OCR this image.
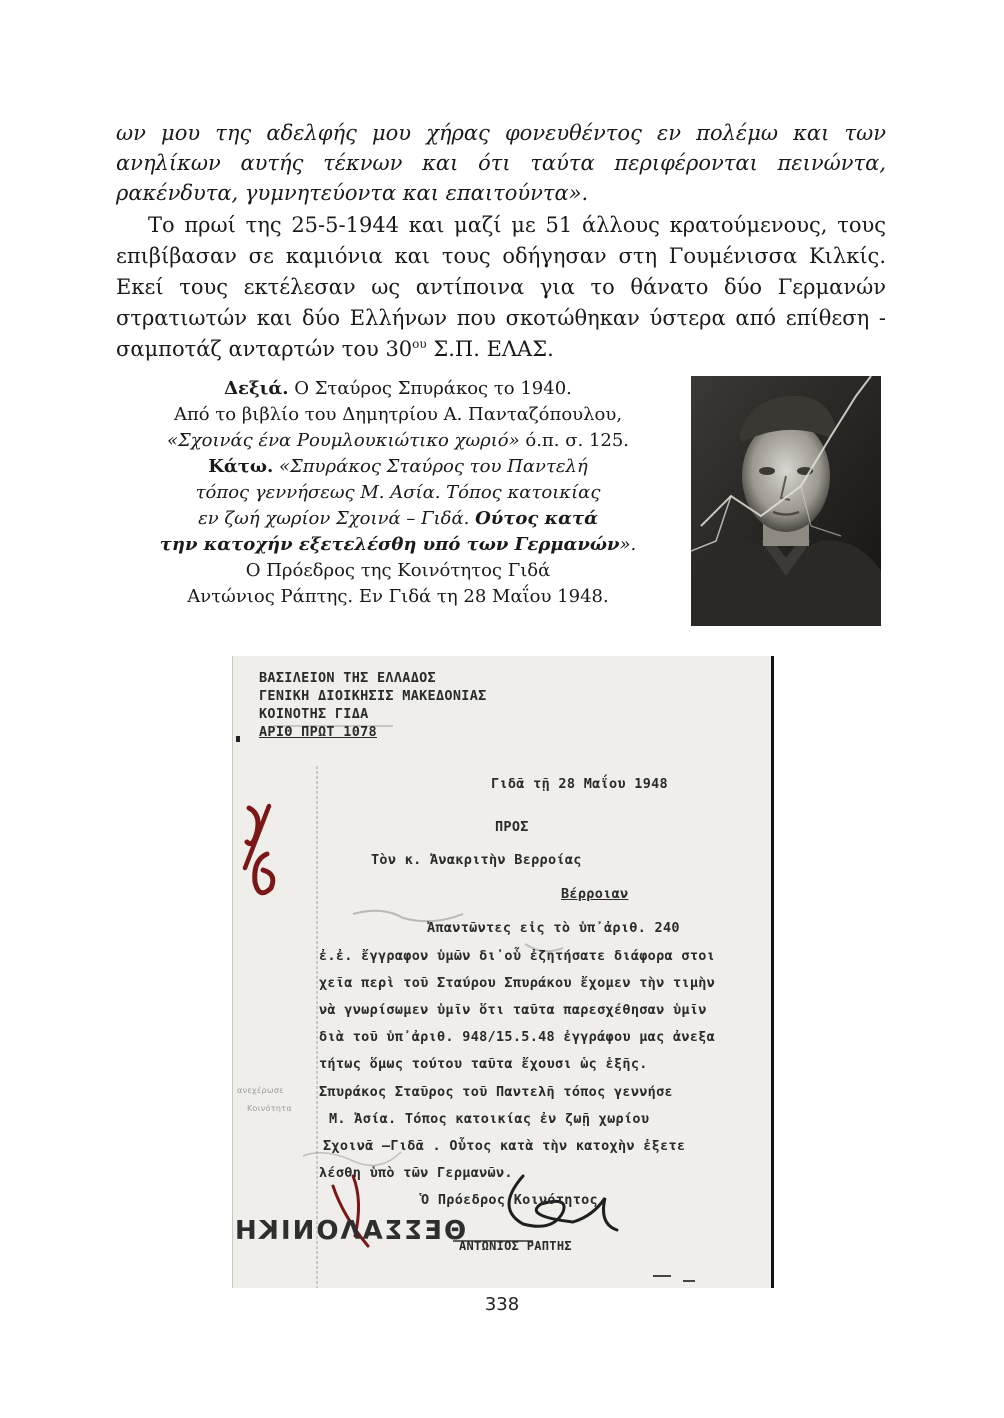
ων μου της αδελφής μου χήρας φονευθέντος εν πολέμω και των ανηλίκων αυτής τέκνων και ότι ταύτα περιφέρονται πεινώντα, ρακένδυτα, γυμνητεύοντα και επαιτούντα».

Το πρωί της 25-5-1944 και μαζί με 51 άλλους κρατούμενους, τους επιβίβασαν σε καμιόνια και τους οδήγησαν στη Γουμένισσα Κιλκίς. Εκεί τους εκτέλεσαν ως αντίποινα για το θάνατο δύο Γερμανών στρατιωτών και δύο Ελλήνων που σκοτώθηκαν ύστερα από επίθεση - σαμποτάζ ανταρτών του $30^{o\upsilon}$ Σ.Π. ΕΛΑΣ.

Δεξιά. Ο Σταύρος Σπυράκος το 1940.
Από το βιβλίο του Δημητρίου Α. Πανταζόπουλου,
«Σχοινάς ένα Ρουμλουκιώτικο χωριό» ό.π. σ. 125.
Κάτω. «Σπυράκος Σταύρος του Παντελή
τόπος γεννήσεως Μ. Ασία. Τόπος κατοικίας
εν ζωή χωρίον Σχοινά – Γιδά. Ούτος κατά
την κατοχήν εξετελέσθη υπό των Γερμανών».
Ο Πρόεδρος της Κοινότητος Γιδά
Αντώνιος Ράπτης. Εν Γιδά τη 28 Μαΐου 1948.
ΒΑΣΙΛΕΙΟΝ ΤΗΣ ΕΛΛΑΔΟΣ
ΓΕΝΙΚΗ ΔΙΟΙΚΗΣΙΣ ΜΑΚΕΔΟΝΙΑΣ
ΚΟΙΝΟΤΗΣ ΓΙΔΑ
ΑΡΙΘ ΠΡΩΤ 1078
Γιδᾶ τῇ 28 Μαΐου 1948
ΠΡΟΣ
Τὸν κ. Ἀνακριτὴν Βερροίας
Βέρροιαν
Ἀπαντῶντες εἰς τὸ ὑπ᾽ἀριθ. 240
ἐ.ἐ. ἔγγραφον ὑμῶν δι᾽οὗ ἐζητήσατε διάφορα στοι
χεῖα περὶ τοῦ Σταύρου Σπυράκου ἔχομεν τὴν τιμὴν
νὰ γνωρίσωμεν ὑμῖν ὅτι ταῦτα παρεσχέθησαν ὑμῖν
διὰ τοῦ ὑπ᾽ἀριθ. 948/15.5.48 ἐγγράφου μας ἀνεξα
τήτως ὅμως τούτου ταῦτα ἔχουσι ὡς ἑξῆς.
Σπυράκος Σταῦρος τοῦ Παντελῆ τόπος γεννήσε
Μ. Ἀσία. Τόπος κατοικίας ἐν ζωῇ χωρίου
Σχοινᾶ –Γιδᾶ . Οὗτος κατὰ τὴν κατοχὴν ἐξετε
λέσθη ὑπὸ τῶν Γερμανῶν.
Ὁ Πρόεδρος Κοινότητος
ΑΝΤΩΝΙΟΣ ΡΑΠΤΗΣ
ανεχέρωσε
Κοινότητα
ΘΕΣΣΑΛΟΝΙΚΗ
338
